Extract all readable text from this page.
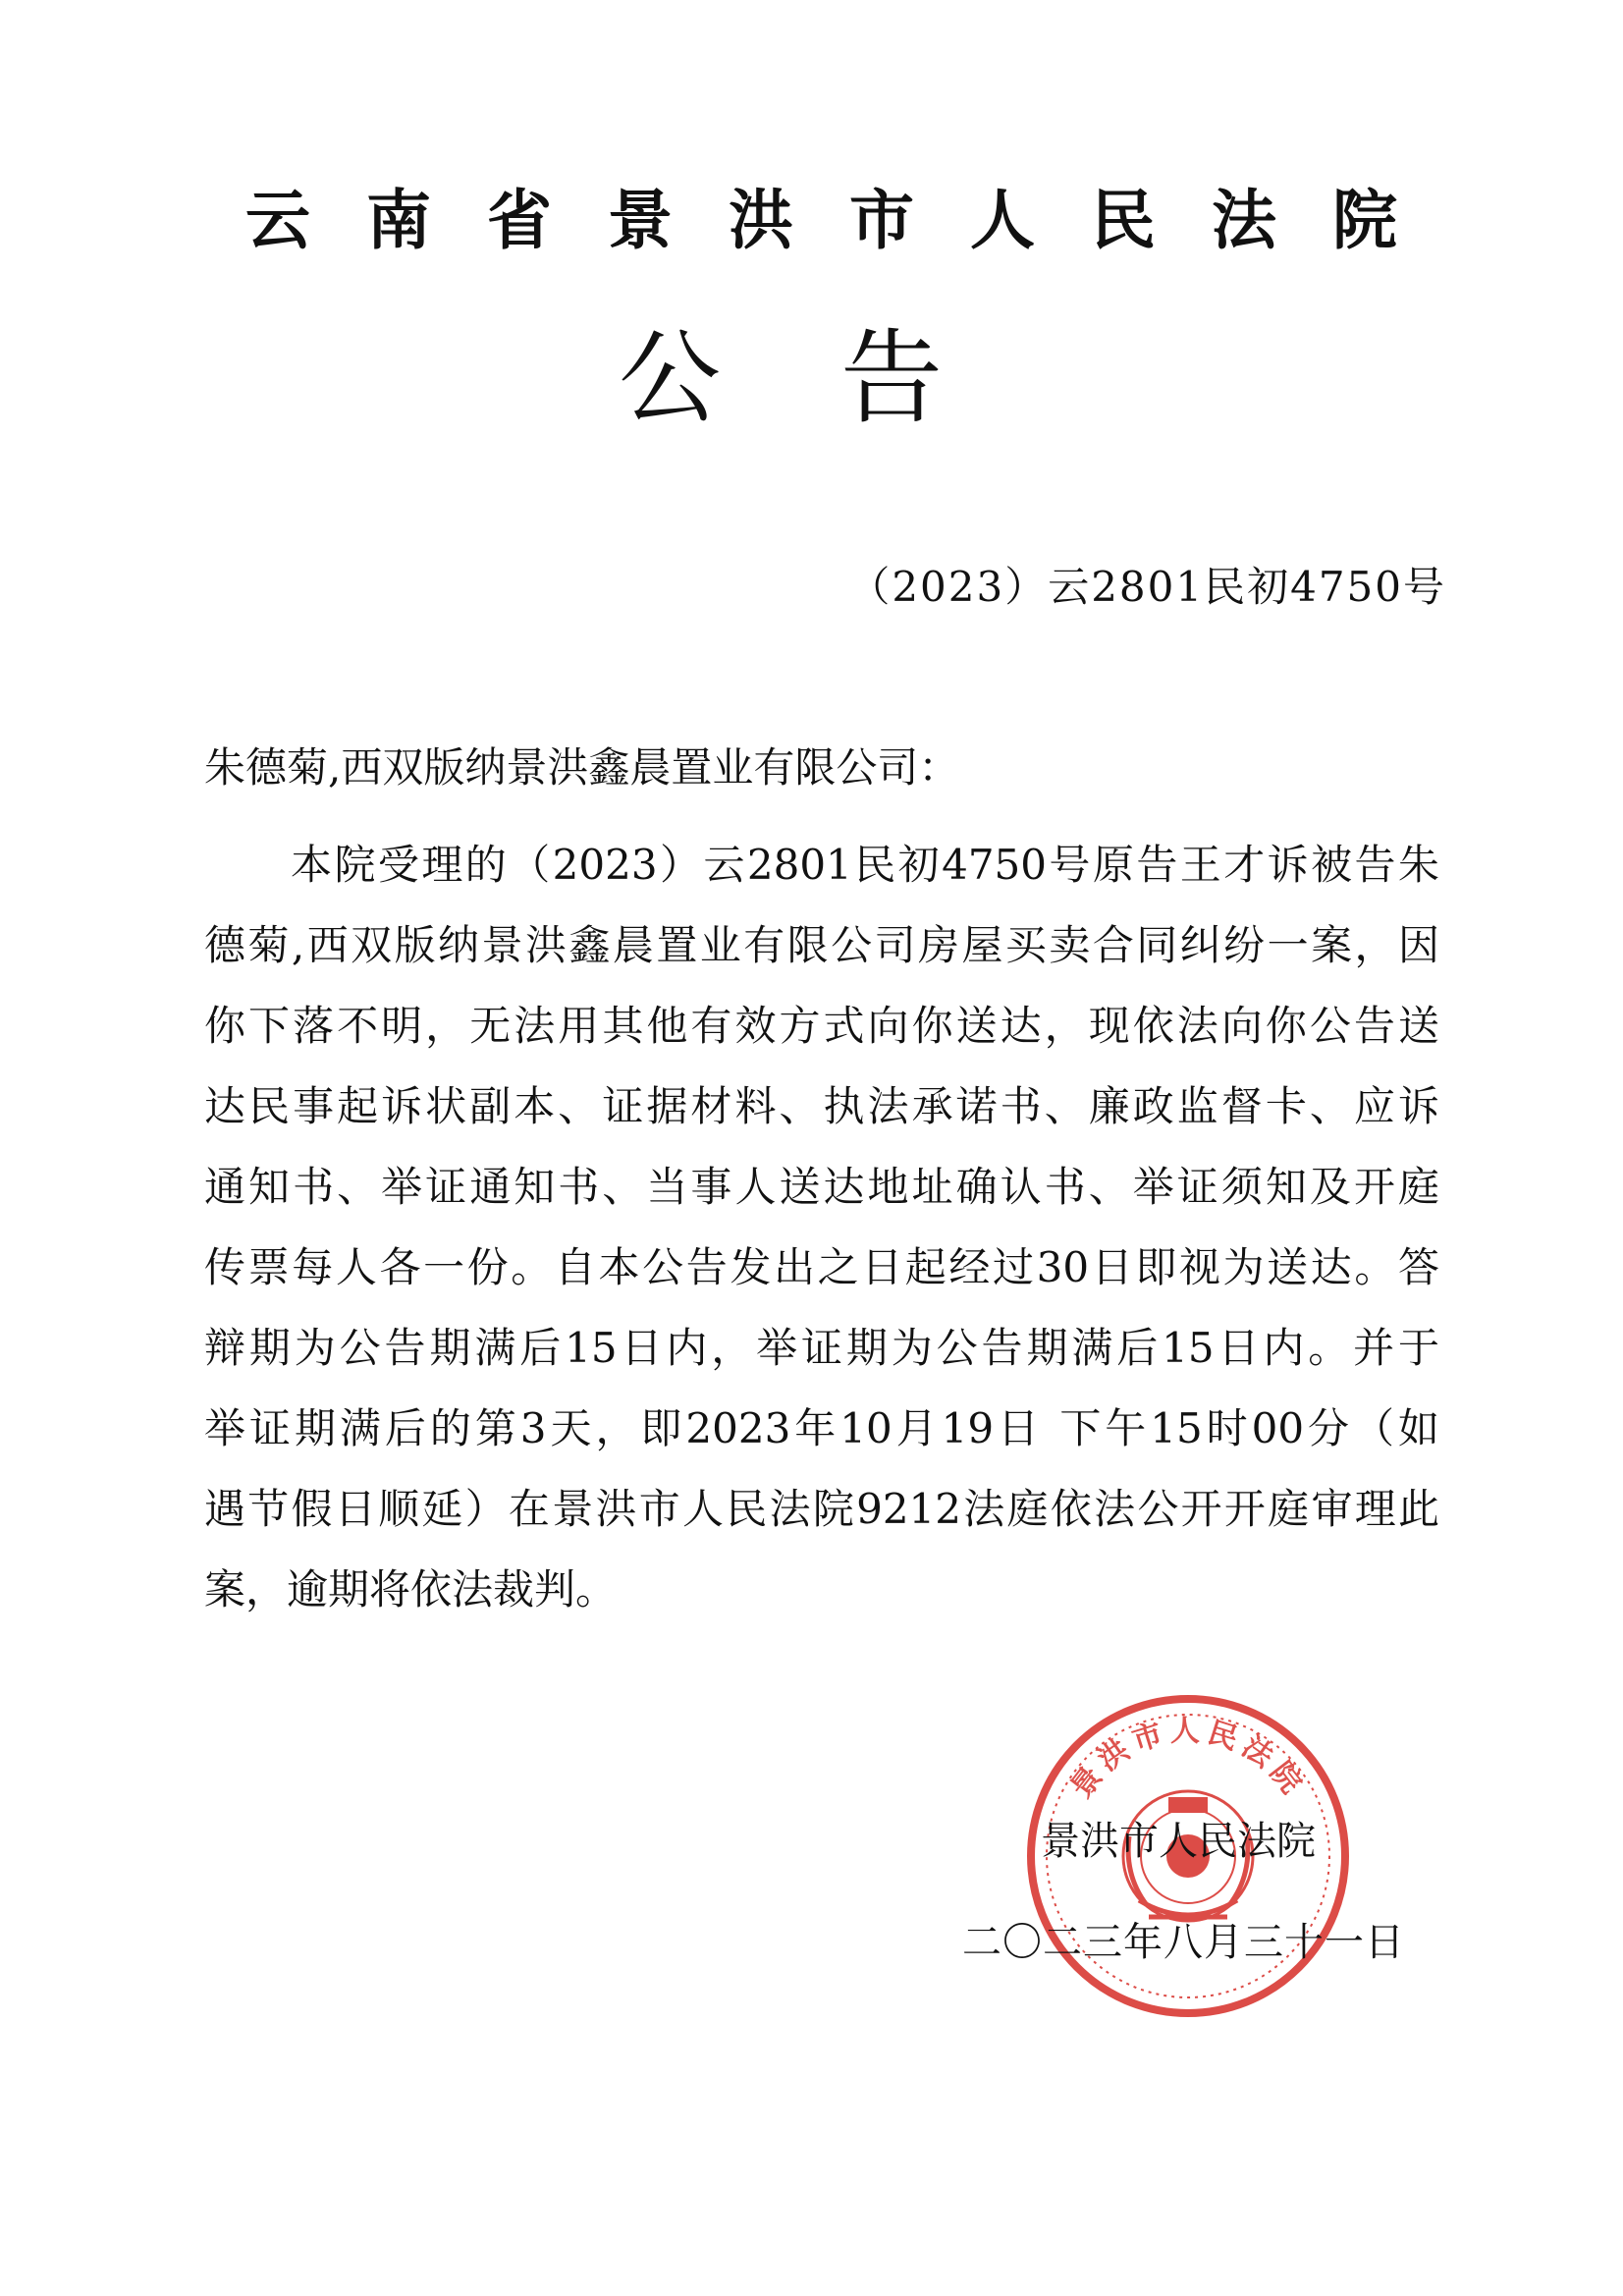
云南省景洪市人民法院
公告
（2023）云2801民初4750号
朱德菊,西双版纳景洪鑫晨置业有限公司：
本院受理的（2023）云2801民初4750号原告王才诉被告朱
德菊,西双版纳景洪鑫晨置业有限公司房屋买卖合同纠纷一案，因
你下落不明，无法用其他有效方式向你送达，现依法向你公告送
达民事起诉状副本、证据材料、执法承诺书、廉政监督卡、应诉
通知书、举证通知书、当事人送达地址确认书、举证须知及开庭
传票每人各一份。自本公告发出之日起经过30日即视为送达。答
辩期为公告期满后15日内，举证期为公告期满后15日内。并于
举证期满后的第3天，即2023年10月19日 下午15时00分（如
遇节假日顺延）在景洪市人民法院9212法庭依法公开开庭审理此
案，逾期将依法裁判。
景洪市人民法院
景洪市人民法院
二〇二三年八月三十一日
